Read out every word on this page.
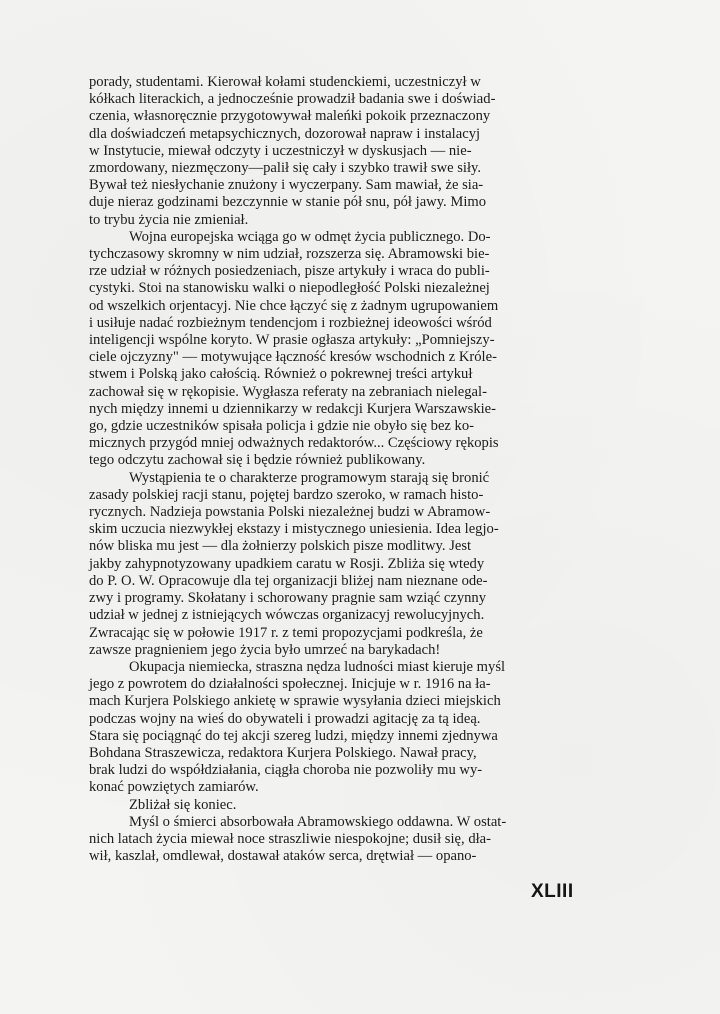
porady, studentami. Kierował kołami studenckiemi, uczestniczył w
kółkach literackich, a jednocześnie prowadził badania swe i doświad-
czenia, własnoręcznie przygotowywał maleńki pokoik przeznaczony
dla doświadczeń metapsychicznych, dozorował napraw i instalacyj
w Instytucie, miewał odczyty i uczestniczył w dyskusjach — nie-
zmordowany, niezmęczony—palił się cały i szybko trawił swe siły.
Bywał też niesłychanie znużony i wyczerpany. Sam mawiał, że sia-
duje nieraz godzinami bezczynnie w stanie pół snu, pół jawy. Mimo
to trybu życia nie zmieniał.

Wojna europejska wciąga go w odmęt życia publicznego. Do-
tychczasowy skromny w nim udział, rozszerza się. Abramowski bie-
rze udział w różnych posiedzeniach, pisze artykuły i wraca do publi-
cystyki. Stoi na stanowisku walki o niepodległość Polski niezależnej
od wszelkich orjentacyj. Nie chce łączyć się z żadnym ugrupowaniem
i usiłuje nadać rozbieżnym tendencjom i rozbieżnej ideowości wśród
inteligencji wspólne koryto. W prasie ogłasza artykuły: „Pomniejszy-
ciele ojczyzny" — motywujące łączność kresów wschodnich z Króle-
stwem i Polską jako całością. Również o pokrewnej treści artykuł
zachował się w rękopisie. Wygłasza referaty na zebraniach nielegal-
nych między innemi u dziennikarzy w redakcji Kurjera Warszawskie-
go, gdzie uczestników spisała policja i gdzie nie obyło się bez ko-
micznych przygód mniej odważnych redaktorów... Częściowy rękopis
tego odczytu zachował się i będzie również publikowany.

Wystąpienia te o charakterze programowym starają się bronić
zasady polskiej racji stanu, pojętej bardzo szeroko, w ramach histo-
rycznych. Nadzieja powstania Polski niezależnej budzi w Abramow-
skim uczucia niezwykłej ekstazy i mistycznego uniesienia. Idea legjo-
nów bliska mu jest — dla żołnierzy polskich pisze modlitwy. Jest
jakby zahypnotyzowany upadkiem caratu w Rosji. Zbliża się wtedy
do P. O. W. Opracowuje dla tej organizacji bliżej nam nieznane ode-
zwy i programy. Skołatany i schorowany pragnie sam wziąć czynny
udział w jednej z istniejących wówczas organizacyj rewolucyjnych.
Zwracając się w połowie 1917 r. z temi propozycjami podkreśla, że
zawsze pragnieniem jego życia było umrzeć na barykadach!

Okupacja niemiecka, straszna nędza ludności miast kieruje myśl
jego z powrotem do działalności społecznej. Inicjuje w r. 1916 na ła-
mach Kurjera Polskiego ankietę w sprawie wysyłania dzieci miejskich
podczas wojny na wieś do obywateli i prowadzi agitację za tą ideą.
Stara się pociągnąć do tej akcji szereg ludzi, między innemi zjednywa
Bohdana Straszewicza, redaktora Kurjera Polskiego. Nawał pracy,
brak ludzi do współdziałania, ciągła choroba nie pozwoliły mu wy-
konać powziętych zamiarów.

Zbliżał się koniec.

Myśl o śmierci absorbowała Abramowskiego oddawna. W ostat-
nich latach życia miewał noce straszliwie niespokojne; dusił się, dła-
wił, kaszlał, omdlewał, dostawał ataków serca, drętwiał — opano-

XLIII
